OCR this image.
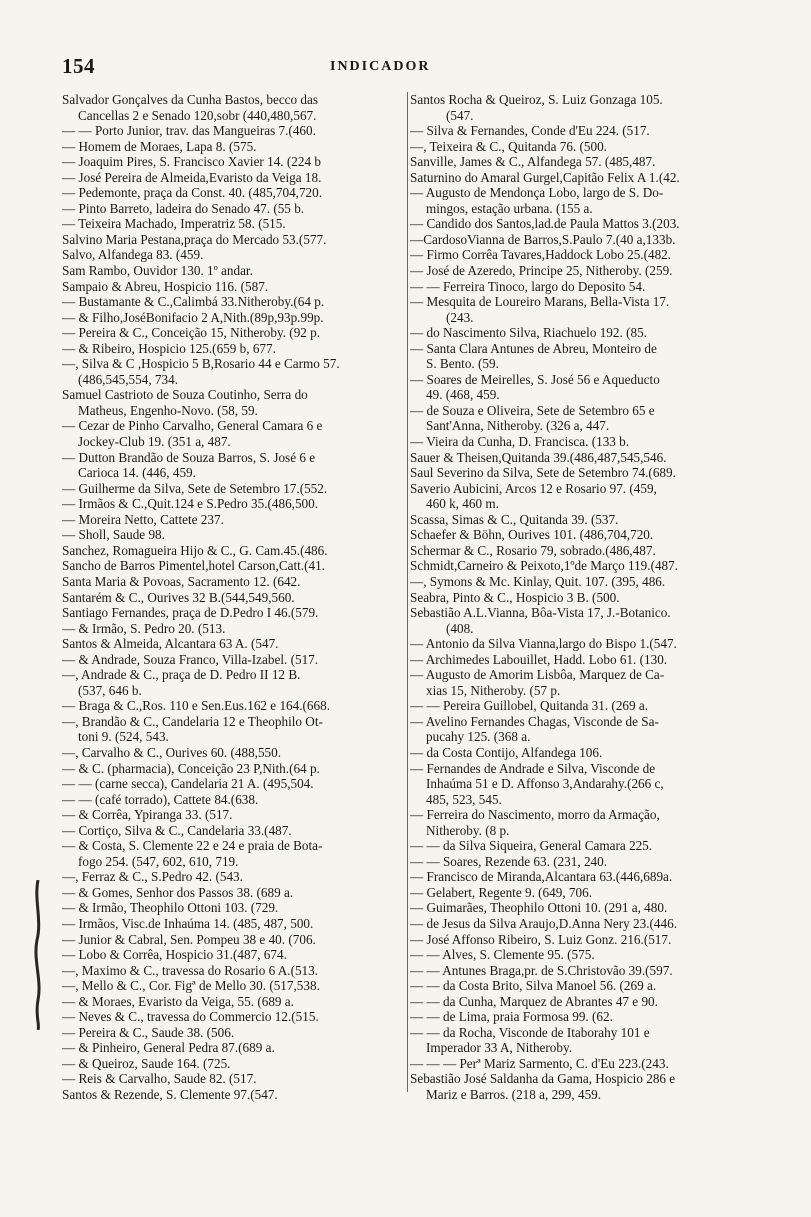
154	INDICADOR
Salvador Gonçalves da Cunha Bastos, becco das
Cancellas 2 e Senado 120,sobr (440,480,567.
— — Porto Junior, trav. das Mangueiras 7.(460.
— Homem de Moraes, Lapa 8. (575.
— Joaquim Pires, S. Francisco Xavier 14. (224 b
— José Pereira de Almeida,Evaristo da Veiga 18.
— Pedemonte, praça da Const. 40. (485,704,720.
— Pinto Barreto, ladeira do Senado 47. (55 b.
— Teixeira Machado, Imperatriz 58. (515.
Salvino Maria Pestana,praça do Mercado 53.(577.
Salvo, Alfandega 83. (459.
Sam Rambo, Ouvidor 130. 1º andar.
Sampaio & Abreu, Hospicio 116. (587.
— Bustamante & C.,Calimbá 33.Nitheroby.(64 p.
— & Filho,JoséBonifacio 2 A,Nith.(89p,93p.99p.
— Pereira & C., Conceição 15, Nitheroby. (92 p.
— & Ribeiro, Hospicio 125.(659 b, 677.
—, Silva & C ,Hospicio 5 B,Rosario 44 e Carmo 57.
(486,545,554, 734.
Samuel Castrioto de Souza Coutinho, Serra do
Matheus, Engenho-Novo. (58, 59.
— Cezar de Pinho Carvalho, General Camara 6 e
Jockey-Club 19. (351 a, 487.
— Dutton Brandão de Souza Barros, S. José 6 e
Carioca 14. (446, 459.
— Guilherme da Silva, Sete de Setembro 17.(552.
— Irmãos & C.,Quit.124 e S.Pedro 35.(486,500.
— Moreira Netto, Cattete 237.
— Sholl, Saude 98.
Sanchez, Romagueira Hijo & C., G. Cam.45.(486.
Sancho de Barros Pimentel,hotel Carson,Catt.(41.
Santa Maria & Povoas, Sacramento 12. (642.
Santarém & C., Ourives 32 B.(544,549,560.
Santiago Fernandes, praça de D.Pedro I 46.(579.
— & Irmão, S. Pedro 20. (513.
Santos & Almeida, Alcantara 63 A. (547.
— & Andrade, Souza Franco, Villa-Izabel. (517.
—, Andrade & C., praça de D. Pedro II 12 B.
(537, 646 b.
— Braga & C.,Ros. 110 e Sen.Eus.162 e 164.(668.
—, Brandão & C., Candelaria 12 e Theophilo Ot-
toni 9. (524, 543.
—, Carvalho & C., Ourives 60. (488,550.
— & C. (pharmacia), Conceição 23 P,Nith.(64 p.
— — (carne secca), Candelaria 21 A. (495,504.
— — (café torrado), Cattete 84.(638.
— & Corrêa, Ypiranga 33. (517.
— Cortiço, Silva & C., Candelaria 33.(487.
— & Costa, S. Clemente 22 e 24 e praia de Bota-
fogo 254. (547, 602, 610, 719.
—, Ferraz & C., S.Pedro 42. (543.
— & Gomes, Senhor dos Passos 38. (689 a.
— & Irmão, Theophilo Ottoni 103. (729.
— Irmãos, Visc.de Inhaúma 14. (485, 487, 500.
— Junior & Cabral, Sen. Pompeu 38 e 40. (706.
— Lobo & Corrêa, Hospicio 31.(487, 674.
—, Maximo & C., travessa do Rosario 6 A.(513.
—, Mello & C., Cor. Figª de Mello 30. (517,538.
— & Moraes, Evaristo da Veiga, 55. (689 a.
— Neves & C., travessa do Commercio 12.(515.
— Pereira & C., Saude 38. (506.
— & Pinheiro, General Pedra 87.(689 a.
— & Queiroz, Saude 164. (725.
— Reis & Carvalho, Saude 82. (517.
Santos & Rezende, S. Clemente 97.(547.
Santos Rocha & Queiroz, S. Luiz Gonzaga 105.
(547.
— Silva & Fernandes, Conde d'Eu 224. (517.
—, Teixeira & C., Quitanda 76. (500.
Sanville, James & C., Alfandega 57. (485,487.
Saturnino do Amaral Gurgel,Capitão Felix A 1.(42.
— Augusto de Mendonça Lobo, largo de S. Do-
mingos, estação urbana. (155 a.
— Candido dos Santos,lad.de Paula Mattos 3.(203.
—CardosoVianna de Barros,S.Paulo 7.(40 a,133b.
— Firmo Corrêa Tavares,Haddock Lobo 25.(482.
— José de Azeredo, Principe 25, Nitheroby. (259.
— — Ferreira Tinoco, largo do Deposito 54.
— Mesquita de Loureiro Marans, Bella-Vista 17.
(243.
— do Nascimento Silva, Riachuelo 192. (85.
— Santa Clara Antunes de Abreu, Monteiro de
S. Bento. (59.
— Soares de Meirelles, S. José 56 e Aqueducto
49. (468, 459.
— de Souza e Oliveira, Sete de Setembro 65 e
Sant'Anna, Nitheroby. (326 a, 447.
— Vieira da Cunha, D. Francisca. (133 b.
Sauer & Theisen,Quitanda 39.(486,487,545,546.
Saul Severino da Silva, Sete de Setembro 74.(689.
Saverio Aubicini, Arcos 12 e Rosario 97. (459,
460 k, 460 m.
Scassa, Simas & C., Quitanda 39. (537.
Schaefer & Böhn, Ourives 101. (486,704,720.
Schermar & C., Rosario 79, sobrado.(486,487.
Schmidt,Carneiro & Peixoto,1ºde Março 119.(487.
—, Symons & Mc. Kinlay, Quit. 107. (395, 486.
Seabra, Pinto & C., Hospicio 3 B. (500.
Sebastião A.L.Vianna, Bôa-Vista 17, J.-Botanico.
(408.
— Antonio da Silva Vianna,largo do Bispo 1.(547.
— Archimedes Labouillet, Hadd. Lobo 61. (130.
— Augusto de Amorim Lisbôa, Marquez de Ca-
xias 15, Nitheroby. (57 p.
— — Pereira Guillobel, Quitanda 31. (269 a.
— Avelino Fernandes Chagas, Visconde de Sa-
pucahy 125. (368 a.
— da Costa Contijo, Alfandega 106.
— Fernandes de Andrade e Silva, Visconde de
Inhaúma 51 e D. Affonso 3,Andarahy.(266 c,
485, 523, 545.
— Ferreira do Nascimento, morro da Armação,
Nitheroby. (8 p.
— — da Silva Siqueira, General Camara 225.
— — Soares, Rezende 63. (231, 240.
— Francisco de Miranda,Alcantara 63.(446,689a.
— Gelabert, Regente 9. (649, 706.
— Guimarães, Theophilo Ottoni 10. (291 a, 480.
— de Jesus da Silva Araujo,D.Anna Nery 23.(446.
— José Affonso Ribeiro, S. Luiz Gonz. 216.(517.
— — Alves, S. Clemente 95. (575.
— — Antunes Braga,pr. de S.Christovão 39.(597.
— — da Costa Brito, Silva Manoel 56. (269 a.
— — da Cunha, Marquez de Abrantes 47 e 90.
— — de Lima, praia Formosa 99. (62.
— — da Rocha, Visconde de Itaborahy 101 e
Imperador 33 A, Nitheroby.
— — — Perª Mariz Sarmento, C. d'Eu 223.(243.
Sebastião José Saldanha da Gama, Hospicio 286 e
Mariz e Barros. (218 a, 299, 459.
